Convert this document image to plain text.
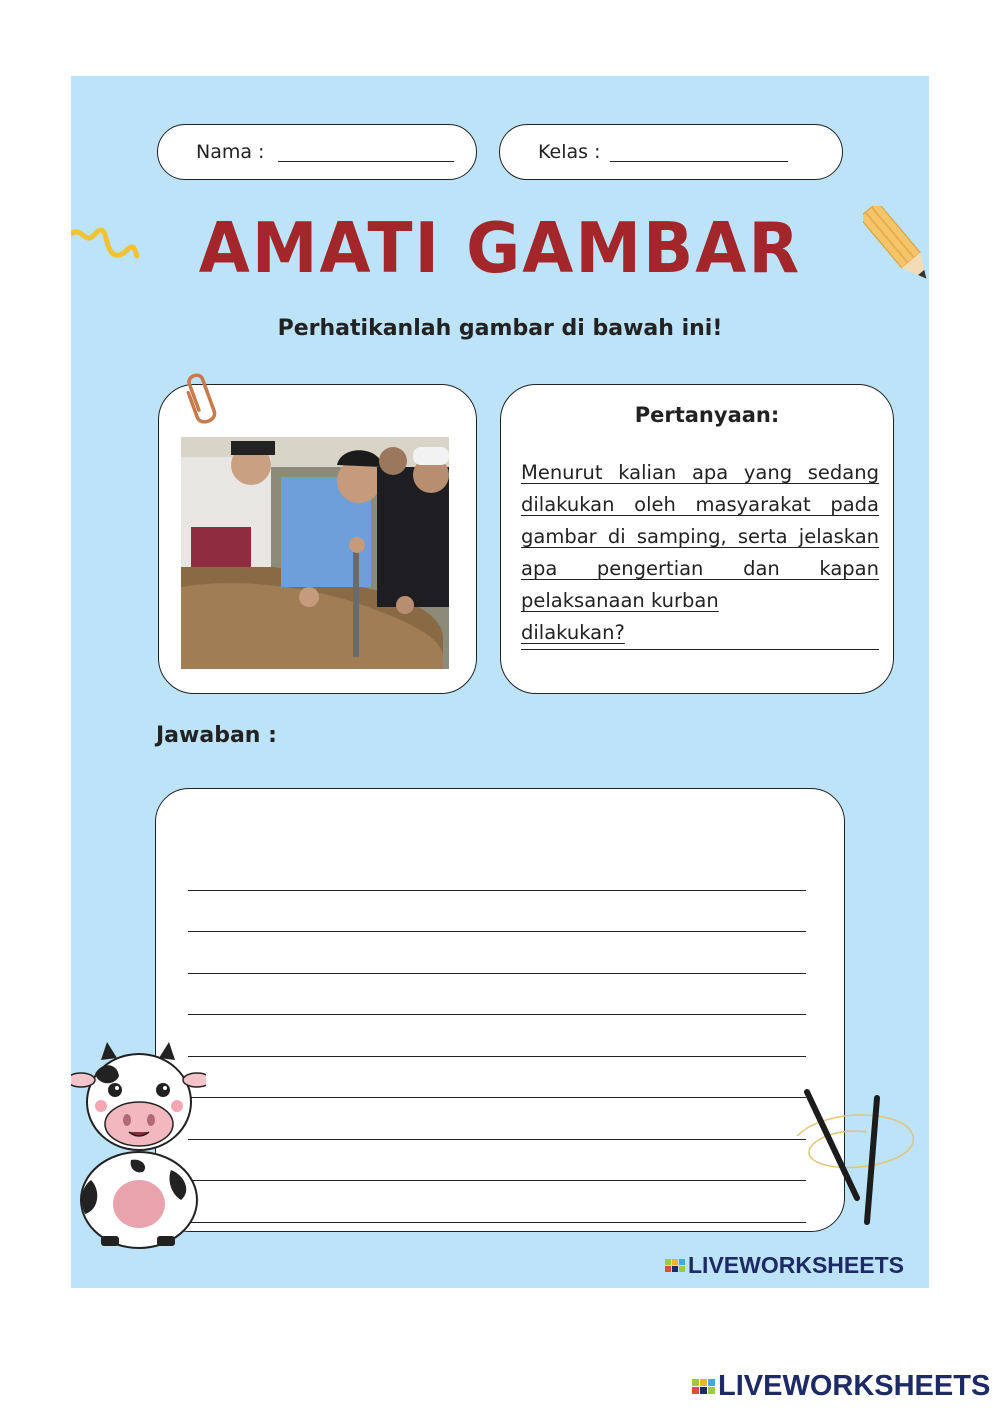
Nama :	Kelas :
AMATI GAMBAR
Perhatikanlah gambar di bawah ini!
Pertanyaan:
Menurut kalian apa yang sedang dilakukan oleh masyarakat pada gambar di samping, serta jelaskan apa pengertian dan kapan pelaksanaan kurban
dilakukan?
Jawaban :
LIVEWORKSHEETS
LIVEWORKSHEETS
